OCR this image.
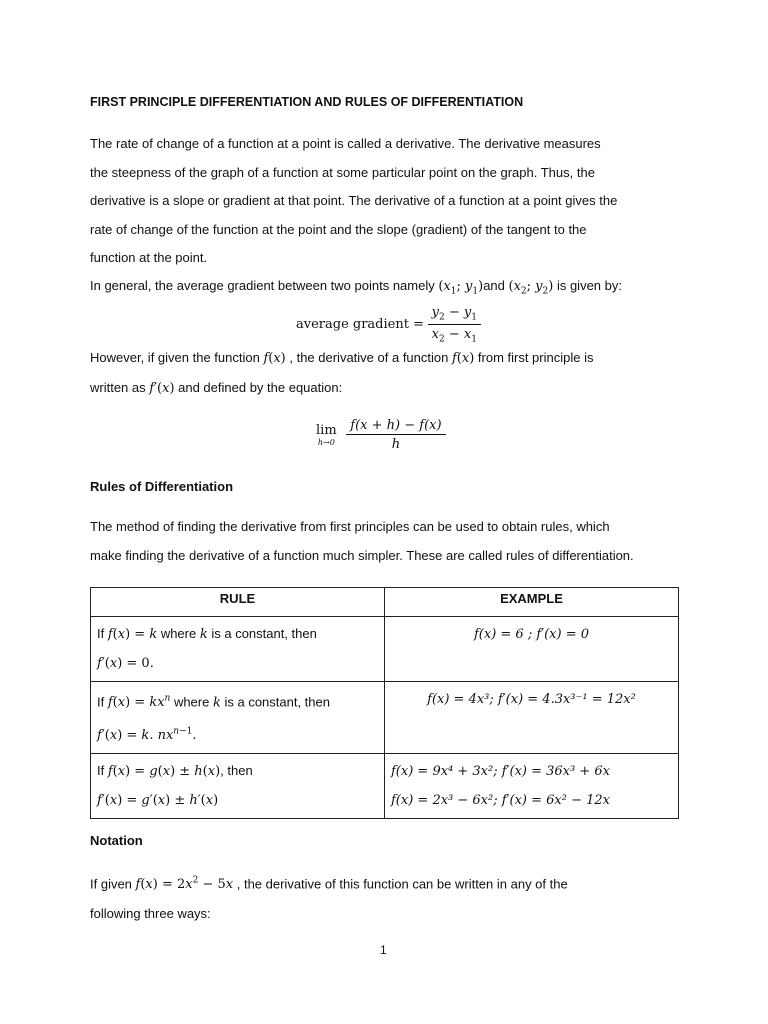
FIRST PRINCIPLE DIFFERENTIATION AND RULES OF DIFFERENTIATION
The rate of change of a function at a point is called a derivative. The derivative measures
the steepness of the graph of a function at some particular point on the graph. Thus, the
derivative is a slope or gradient at that point. The derivative of a function at a point gives the
rate of change of the function at the point and the slope (gradient) of the tangent to the
function at the point.
In general, the average gradient between two points namely ($x_1$; $y_1)and$ ($x_2$; $y_2$) is given by:
average gradient = $\frac{y_2 - y_1}{x_2 - x_1}$
However, if given the function f(x) , the derivative of a function f(x) from first principle is
written as f′(x) and defined by the equation:
lim
h→0
$\frac{f(x + h) - f(x)}{h}$
Rules of Differentiation
The method of finding the derivative from first principles can be used to obtain rules, which
make finding the derivative of a function much simpler. These are called rules of differentiation.
RULE	EXAMPLE
If f(x) = k where k is a constant, then
f′(x) = 0.	f(x) = 6 ; f′(x) = 0
If $f(x) = kx^n$ where k is a constant, then
f′(x) = k. $nx^{n-1}$.	f(x) = 4x³; f′(x) = 4.3x³⁻¹ = 12x²
If f(x) = g(x) ± h(x), then
f′(x) = g′(x) ± h′(x)	f(x) = 9x⁴ + 3x²; f′(x) = 36x³ + 6x
f(x) = 2x³ − 6x²; f′(x) = 6x² − 12x
Notation
If given $f(x) = 2x^2 - 5x$ , the derivative of this function can be written in any of the
following three ways:
1
